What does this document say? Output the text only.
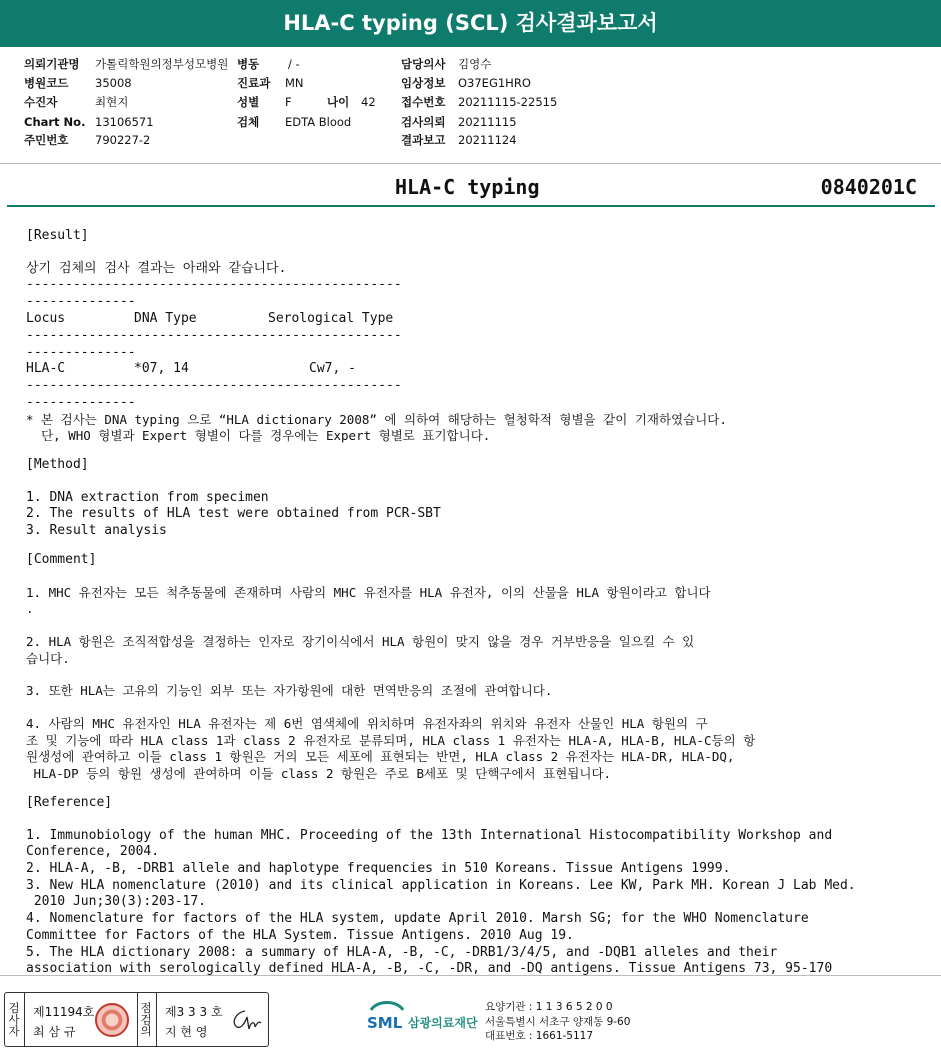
HLA-C typing (SCL) 검사결과보고서
의뢰기관명 가톨릭학원의정부성모병원 병동	/ -	담당의사 김영수
병원코드 35008	진료과 MN	임상정보 O37EG1HRO
수진자	최현지	성별 F	나이 42 접수번호 20211115-22515
Chart No. 13106571	검체 EDTA Blood	검사의뢰 20211115
주민번호 790227-2	결과보고 20211124
HLA-C typing	0840201C

[Result]

상기 검체의 검사 결과는 아래와 같습니다.

--------------------------------------------------------------

Locus	DNA Type	Serological Type

--------------------------------------------------------------

HLA-C	*07, 14	Cw7, -

--------------------------------------------------------------

* 본 검사는 DNA typing 으로 “HLA dictionary 2008” 에 의하여 해당하는 혈청학적 형별을 같이 기재하였습니다.

단, WHO 형별과 Expert 형별이 다를 경우에는 Expert 형별로 표기합니다.

[Method]

1. DNA extraction from specimen

2. The results of HLA test were obtained from PCR-SBT

3. Result analysis

[Comment]

1. MHC 유전자는 모든 척추동물에 존재하며 사람의 MHC 유전자를 HLA 유전자, 이의 산물을 HLA 항원이라고 합니다
.

2. HLA 항원은 조직적합성을 결정하는 인자로 장기이식에서 HLA 항원이 맞지 않을 경우 거부반응을 일으킬 수 있
습니다.

3. 또한 HLA는 고유의 기능인 외부 또는 자가항원에 대한 면역반응의 조절에 관여합니다.

4. 사람의 MHC 유전자인 HLA 유전자는 제 6번 염색체에 위치하며 유전자좌의 위치와 유전자 산물인 HLA 항원의 구
조 및 기능에 따라 HLA class 1과 class 2 유전자로 분류되며, HLA class 1 유전자는 HLA-A, HLA-B, HLA-C등의 항
원생성에 관여하고 이들 class 1 항원은 거의 모든 세포에 표현되는 반면, HLA class 2 유전자는 HLA-DR, HLA-DQ,
HLA-DP 등의 항원 생성에 관여하며 이들 class 2 항원은 주로 B세포 및 단핵구에서 표현됩니다.

[Reference]

1. Immunobiology of the human MHC. Proceeding of the 13th International Histocompatibility Workshop and
Conference, 2004.

2. HLA-A, -B, -DRB1 allele and haplotype frequencies in 510 Koreans. Tissue Antigens 1999.

3. New HLA nomenclature (2010) and its clinical application in Koreans. Lee KW, Park MH. Korean J Lab Med.
2010 Jun;30(3):203-17.

4. Nomenclature for factors of the HLA system, update April 2010. Marsh SG; for the WHO Nomenclature
Committee for Factors of the HLA System. Tissue Antigens. 2010 Aug 19.

5. The HLA dictionary 2008: a summary of HLA-A, -B, -C, -DRB1/3/4/5, and -DQB1 alleles and their
association with serologically defined HLA-A, -B, -C, -DR, and -DQ antigens. Tissue Antigens 73, 95-170

검사자	제11194호
최 삼 규	점검의	제3 3 3 호
지 현 영	SML 삼광의료재단
요양기관 : 1 1 3 6 5 2 0 0
서울특별시 서초구 양재동 9-60
대표번호 : 1661-5117
